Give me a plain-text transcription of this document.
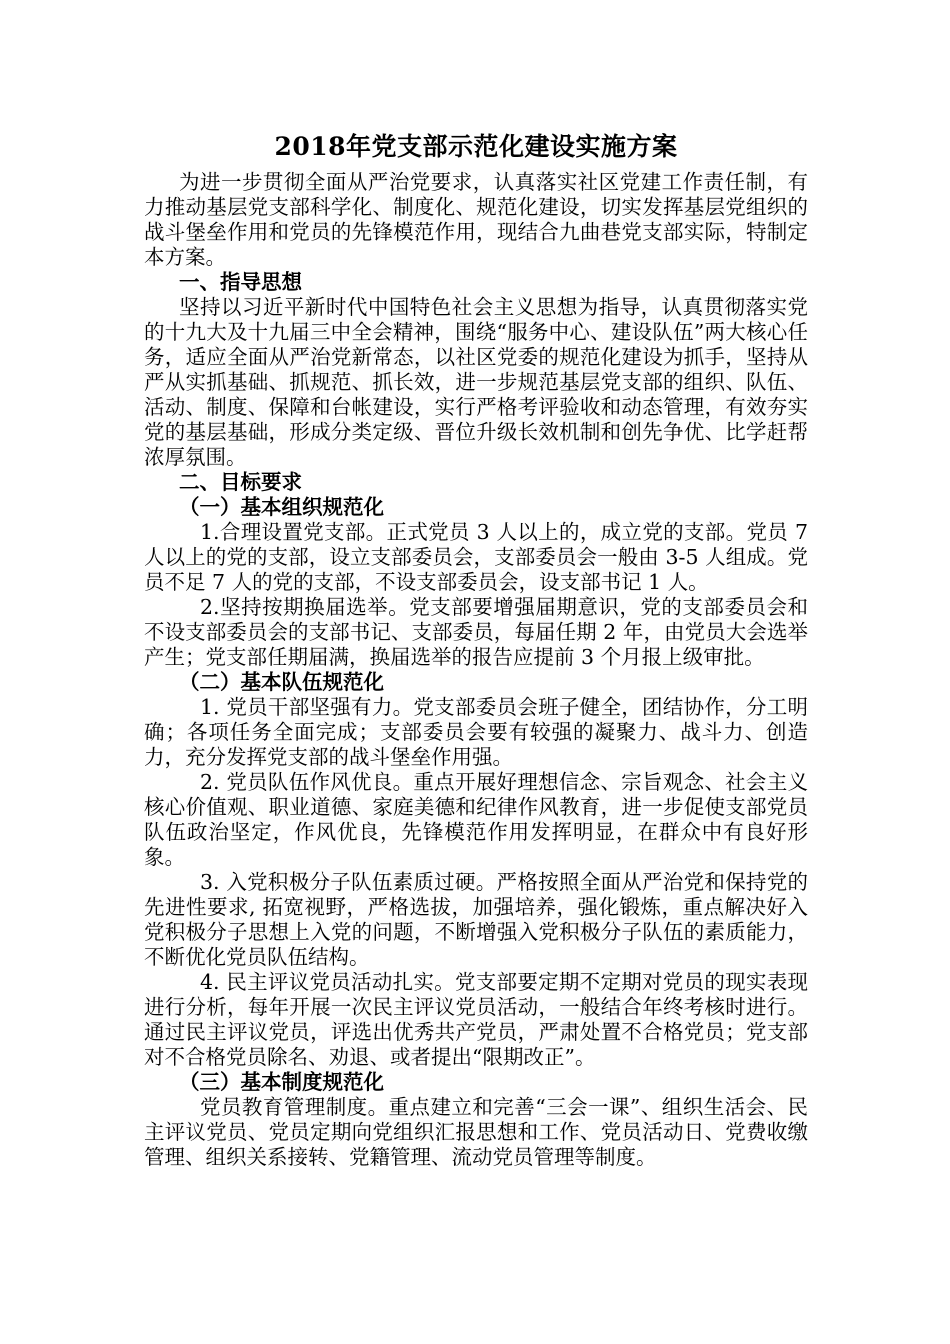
2018年党支部示范化建设实施方案

为进一步贯彻全面从严治党要求，认真落实社区党建工作责任制，有力推动基层党支部科学化、制度化、规范化建设，切实发挥基层党组织的战斗堡垒作用和党员的先锋模范作用，现结合九曲巷党支部实际，特制定本方案。

一、指导思想

坚持以习近平新时代中国特色社会主义思想为指导，认真贯彻落实党的十九大及十九届三中全会精神，围绕“服务中心、建设队伍”两大核心任务，适应全面从严治党新常态，以社区党委的规范化建设为抓手，坚持从严从实抓基础、抓规范、抓长效，进一步规范基层党支部的组织、队伍、活动、制度、保障和台帐建设，实行严格考评验收和动态管理，有效夯实党的基层基础，形成分类定级、晋位升级长效机制和创先争优、比学赶帮浓厚氛围。

二、目标要求

（一）基本组织规范化

1.合理设置党支部。正式党员 3 人以上的，成立党的支部。党员 7 人以上的党的支部，设立支部委员会，支部委员会一般由 3-5 人组成。党员不足 7 人的党的支部，不设支部委员会，设支部书记 1 人。

2.坚持按期换届选举。党支部要增强届期意识，党的支部委员会和不设支部委员会的支部书记、支部委员，每届任期 2 年，由党员大会选举产生；党支部任期届满，换届选举的报告应提前 3 个月报上级审批。

（二）基本队伍规范化

1. 党员干部坚强有力。党支部委员会班子健全，团结协作，分工明确；各项任务全面完成；支部委员会要有较强的凝聚力、战斗力、创造力，充分发挥党支部的战斗堡垒作用强。

2. 党员队伍作风优良。重点开展好理想信念、宗旨观念、社会主义核心价值观、职业道德、家庭美德和纪律作风教育，进一步促使支部党员队伍政治坚定，作风优良，先锋模范作用发挥明显，在群众中有良好形象。

3. 入党积极分子队伍素质过硬。严格按照全面从严治党和保持党的先进性要求, 拓宽视野，严格选拔，加强培养，强化锻炼，重点解决好入党积极分子思想上入党的问题，不断增强入党积极分子队伍的素质能力，不断优化党员队伍结构。

4. 民主评议党员活动扎实。党支部要定期不定期对党员的现实表现进行分析，每年开展一次民主评议党员活动，一般结合年终考核时进行。通过民主评议党员，评选出优秀共产党员，严肃处置不合格党员；党支部对不合格党员除名、劝退、或者提出“限期改正”。

（三）基本制度规范化

党员教育管理制度。重点建立和完善“三会一课”、组织生活会、民主评议党员、党员定期向党组织汇报思想和工作、党员活动日、党费收缴管理、组织关系接转、党籍管理、流动党员管理等制度。
